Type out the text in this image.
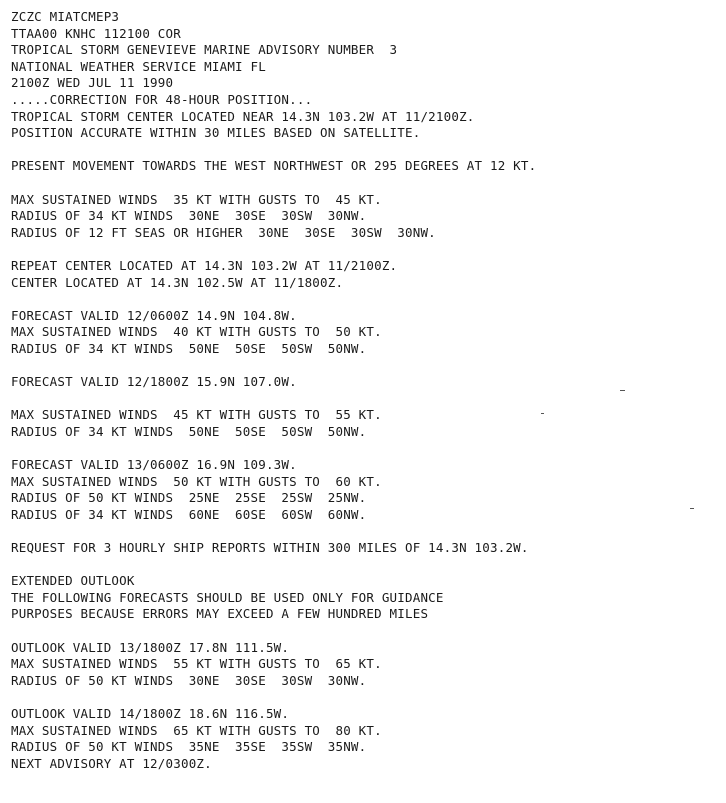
ZCZC MIATCMEP3
TTAA00 KNHC 112100 COR
TROPICAL STORM GENEVIEVE MARINE ADVISORY NUMBER  3
NATIONAL WEATHER SERVICE MIAMI FL
2100Z WED JUL 11 1990
.....CORRECTION FOR 48-HOUR POSITION...
TROPICAL STORM CENTER LOCATED NEAR 14.3N 103.2W AT 11/2100Z.
POSITION ACCURATE WITHIN 30 MILES BASED ON SATELLITE.
PRESENT MOVEMENT TOWARDS THE WEST NORTHWEST OR 295 DEGREES AT 12 KT.
MAX SUSTAINED WINDS  35 KT WITH GUSTS TO  45 KT.
RADIUS OF 34 KT WINDS  30NE  30SE  30SW  30NW.
RADIUS OF 12 FT SEAS OR HIGHER  30NE  30SE  30SW  30NW.
REPEAT CENTER LOCATED AT 14.3N 103.2W AT 11/2100Z.
CENTER LOCATED AT 14.3N 102.5W AT 11/1800Z.
FORECAST VALID 12/0600Z 14.9N 104.8W.
MAX SUSTAINED WINDS  40 KT WITH GUSTS TO  50 KT.
RADIUS OF 34 KT WINDS  50NE  50SE  50SW  50NW.
FORECAST VALID 12/1800Z 15.9N 107.0W.
MAX SUSTAINED WINDS  45 KT WITH GUSTS TO  55 KT.
RADIUS OF 34 KT WINDS  50NE  50SE  50SW  50NW.
FORECAST VALID 13/0600Z 16.9N 109.3W.
MAX SUSTAINED WINDS  50 KT WITH GUSTS TO  60 KT.
RADIUS OF 50 KT WINDS  25NE  25SE  25SW  25NW.
RADIUS OF 34 KT WINDS  60NE  60SE  60SW  60NW.
REQUEST FOR 3 HOURLY SHIP REPORTS WITHIN 300 MILES OF 14.3N 103.2W.
EXTENDED OUTLOOK
THE FOLLOWING FORECASTS SHOULD BE USED ONLY FOR GUIDANCE
PURPOSES BECAUSE ERRORS MAY EXCEED A FEW HUNDRED MILES
OUTLOOK VALID 13/1800Z 17.8N 111.5W.
MAX SUSTAINED WINDS  55 KT WITH GUSTS TO  65 KT.
RADIUS OF 50 KT WINDS  30NE  30SE  30SW  30NW.
OUTLOOK VALID 14/1800Z 18.6N 116.5W.
MAX SUSTAINED WINDS  65 KT WITH GUSTS TO  80 KT.
RADIUS OF 50 KT WINDS  35NE  35SE  35SW  35NW.
NEXT ADVISORY AT 12/0300Z.
